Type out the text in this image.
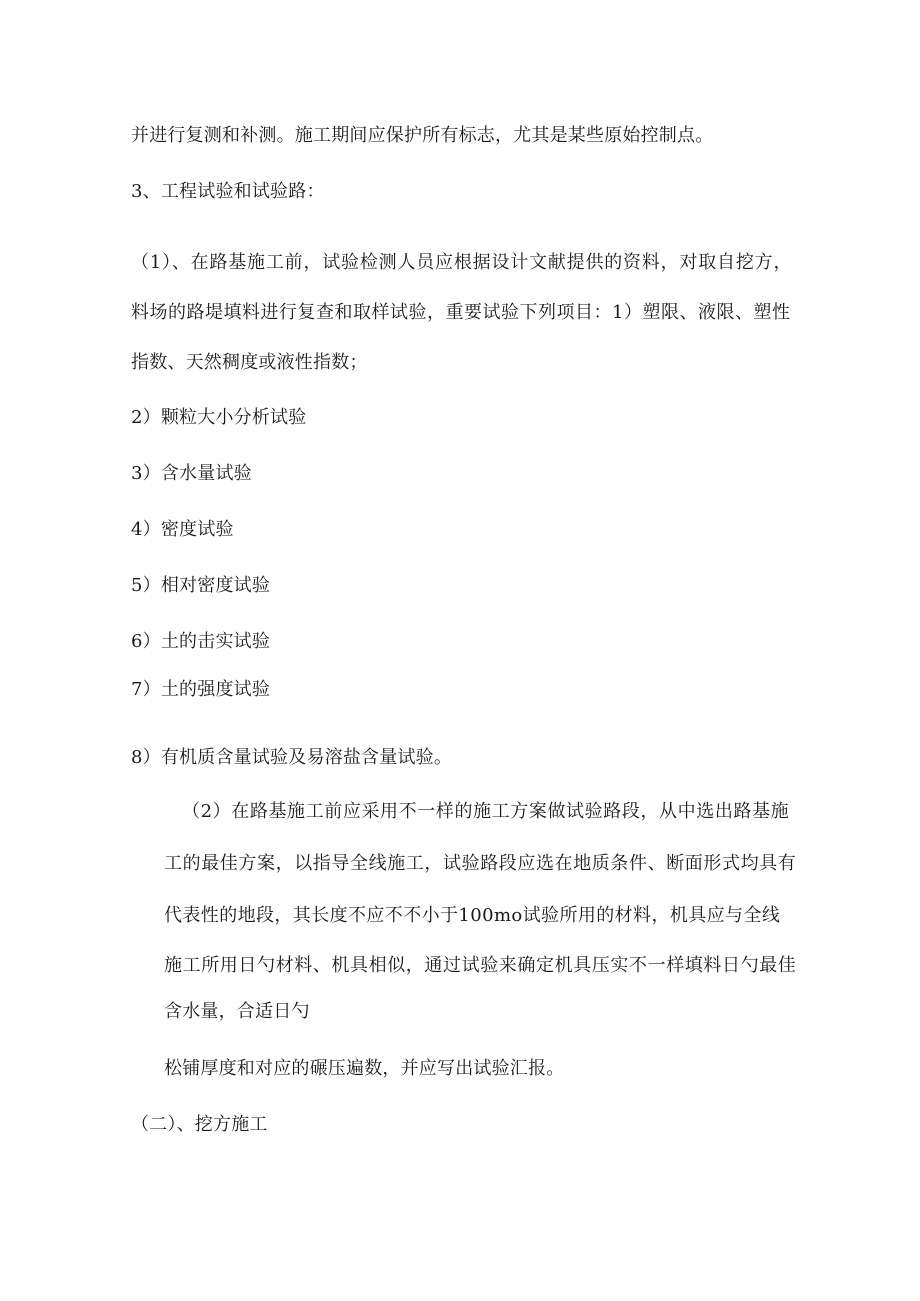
并进行复测和补测。施工期间应保护所有标志，尤其是某些原始控制点。
3、工程试验和试验路：
（1）、在路基施工前，试验检测人员应根据设计文献提供的资料，对取自挖方，
料场的路堤填料进行复查和取样试验，重要试验下列项目：1）塑限、液限、塑性
指数、天然稠度或液性指数；
2）颗粒大小分析试验
3）含水量试验
4）密度试验
5）相对密度试验
6）土的击实试验
7）土的强度试验
8）有机质含量试验及易溶盐含量试验。
（2）在路基施工前应采用不一样的施工方案做试验路段，从中选出路基施
工的最佳方案，以指导全线施工，试验路段应选在地质条件、断面形式均具有
代表性的地段，其长度不应不不小于100mo试验所用的材料，机具应与全线
施工所用日勺材料、机具相似，通过试验来确定机具压实不一样填料日勺最佳
含水量，合适日勺
松铺厚度和对应的碾压遍数，并应写出试验汇报。
（二）、挖方施工
